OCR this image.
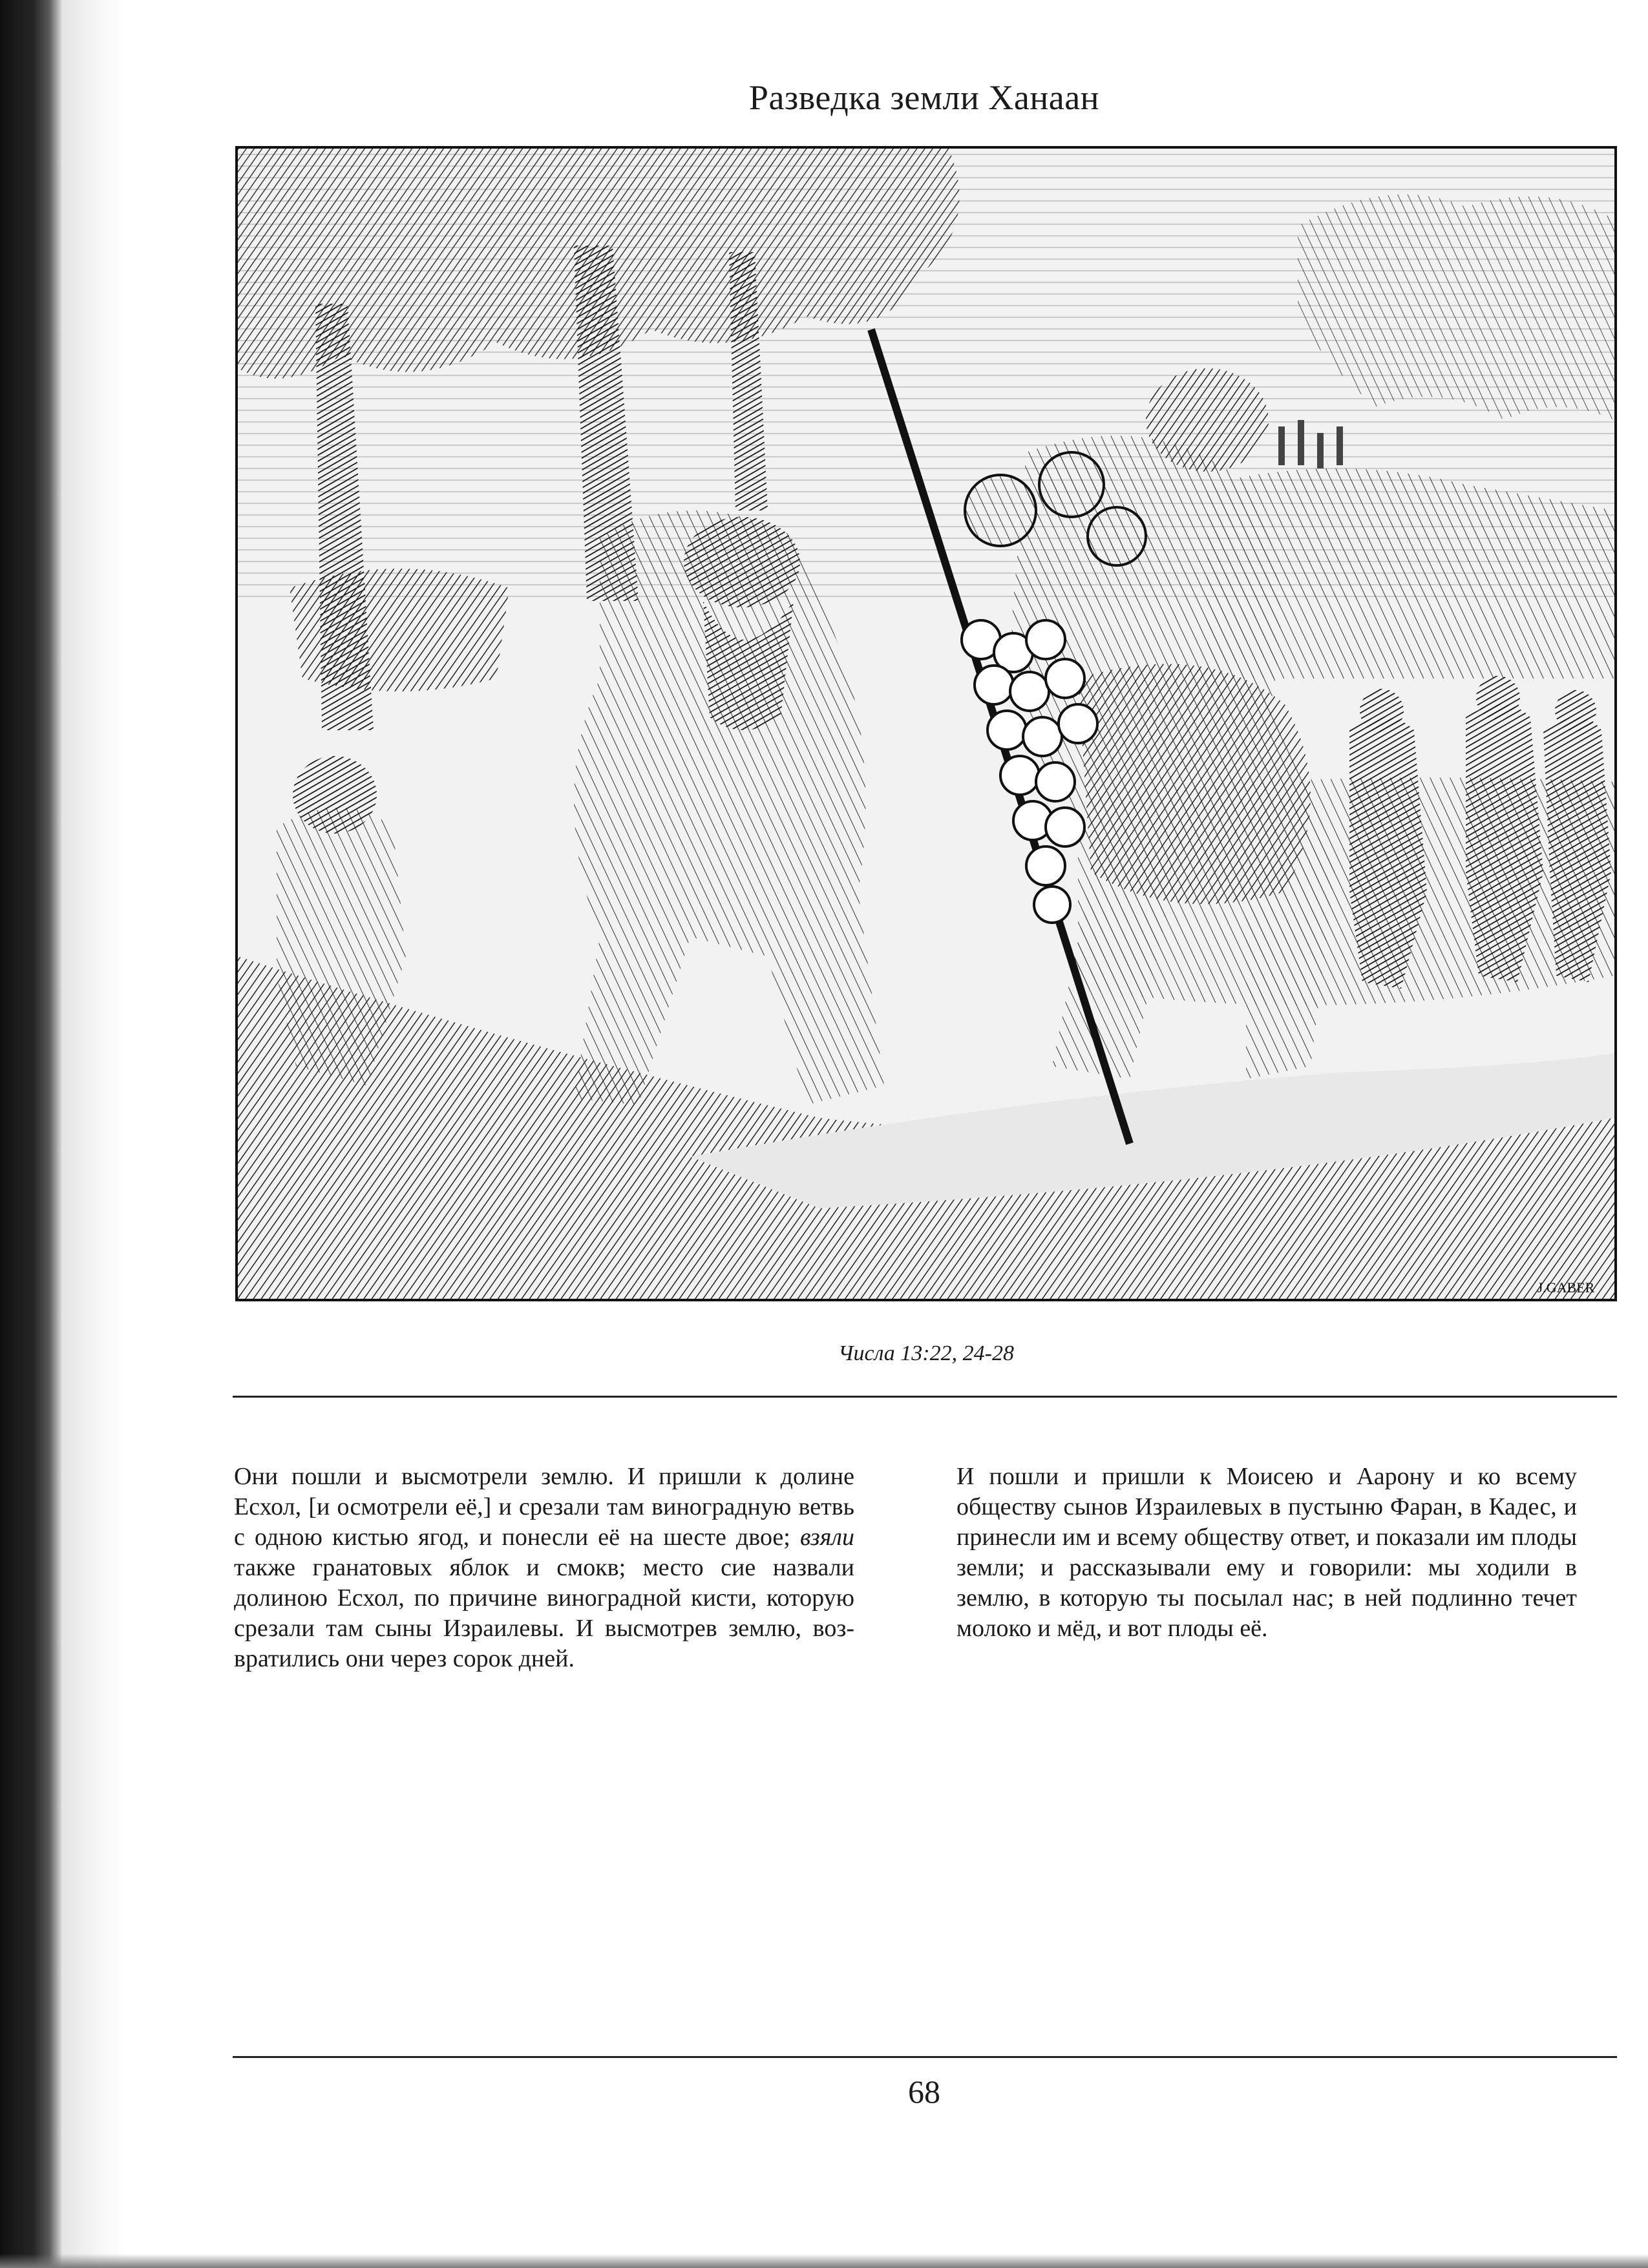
Разведка земли Ханаан
J.GABER
Числа 13:22, 24-28

Они пошли и высмотрели землю. И пришли к долине Есхол, [и осмотрели её,] и срезали там виноградную ветвь с одною кистью ягод, и понесли её на шесте двое; взяли также гранатовых яблок и смокв; место сие назвали долиною Есхол, по причине виноградной кисти, которую срезали там сыны Израилевы. И высмотрев землю, возвратились они через сорок дней.

И пошли и пришли к Моисею и Аарону и ко всему обществу сынов Израилевых в пустыню Фаран, в Кадес, и принесли им и всему обществу ответ, и показали им плоды земли; и рассказывали ему и говорили: мы ходили в землю, в которую ты посылал нас; в ней подлинно течет молоко и мёд, и вот плоды её.

68
